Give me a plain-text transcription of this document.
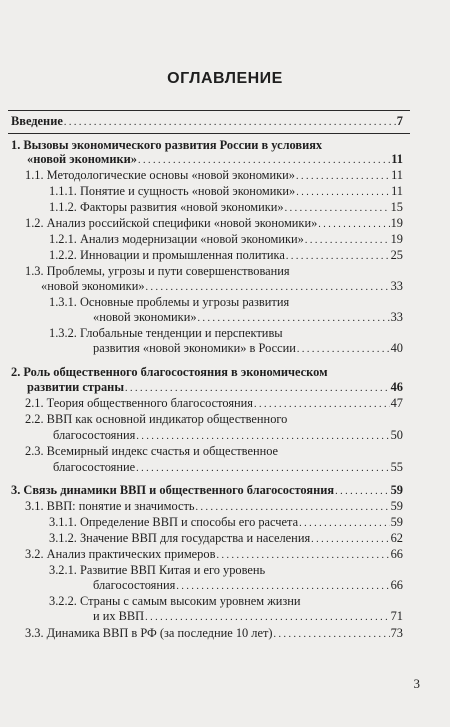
ОГЛАВЛЕНИЕ
Введение . . .	7
1. Вызовы экономического развития России в условиях
«новой экономики» . . .	11
1.1. Методологические основы «новой экономики» . . .	11
1.1.1. Понятие и сущность «новой экономики» . . .	11
1.1.2. Факторы развития «новой экономики» . . .	15
1.2. Анализ российской специфики «новой экономики» . . .	19
1.2.1. Анализ модернизации «новой экономики» . . .	19
1.2.2. Инновации и промышленная политика . . .	25
1.3. Проблемы, угрозы и пути совершенствования
«новой экономики» . . .	33
1.3.1. Основные проблемы и угрозы развития
«новой экономики» . . .	33
1.3.2. Глобальные тенденции и перспективы
развития «новой экономики» в России . . .	40
2. Роль общественного благосостояния в экономическом
развитии страны . . .	46
2.1. Теория общественного благосостояния . . .	47
2.2. ВВП как основной индикатор общественного
благосостояния . . .	50
2.3. Всемирный индекс счастья и общественное
благосостояние . . .	55
3. Связь динамики ВВП и общественного благосостояния . . .	59
3.1. ВВП: понятие и значимость . . .	59
3.1.1. Определение ВВП и способы его расчета . . .	59
3.1.2. Значение ВВП для государства и населения . . .	62
3.2. Анализ практических примеров . . .	66
3.2.1. Развитие ВВП Китая и его уровень
благосостояния . . .	66
3.2.2. Страны с самым высоким уровнем жизни
и их ВВП . . .	71
3.3. Динамика ВВП в РФ (за последние 10 лет) . . .	73
3
